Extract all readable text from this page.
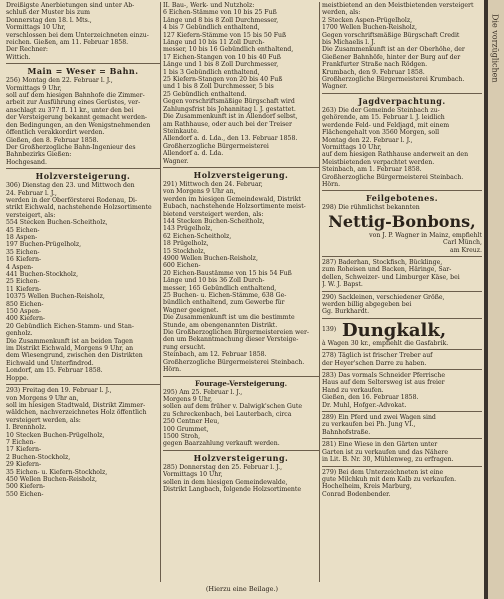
Dreißigste Anerbietungen sind unter Ab-
schluß der Muster bis zum
Donnerstag den 18. l. Mts.,
Vormittags 10 Uhr,
verschlossen bei dem Unterzeichneten einzu-
reichen. Gießen, am 11. Februar 1858.
Der Rechner:
Wittich.
Main = Weser = Bahn.
256) Montag den 22. Februar l. J.,
Vormittags 9 Uhr,
soll auf dem hiesigen Bahnhofe die Zimmer-
arbeit zur Ausführung eines Gerüstes, ver-
anschlagt zu 377 fl. 11 kr., unter den bei
der Versteigerung bekannt gemacht werden-
den Bedingungen, an den Wenigstnehmenden
öffentlich verakkordirt werden.
Gießen, den 8. Februar 1858.
Der Großherzogliche Bahn-Ingenieur des
Bahnbezirks Gießen:
Hochgesand.
Holzversteigerung.
306) Dienstag den 23. und Mittwoch den
24. Februar l. J.,
werden in der Oberförsterei Rodenau, Di-
strikt Eichwald, nachstehende Holzsortimente
versteigert, als:
554 Stecken Buchen-Scheitholz,
45 Eichen-
18 Aspen-
197 Buchen-Prügelholz,
35 Eichen-
16 Kiefern-
4 Aspen-
441 Buchen-Stockholz,
25 Eichen-
11 Kiefern-
10375 Wellen Buchen-Reisholz,
850 Eichen-
150 Aspen-
400 Kiefern-
20 Gebündlich Eichen-Stamm- und Stan-
genholz.
Die Zusammenkunft ist an beiden Tagen
im Distrikt Eichwald, Morgens 9 Uhr, an
dem Wiesengrund, zwischen den Distrikten
Eichwald und Unterfindrod.
Londorf, am 15. Februar 1858.
Hoppe.
293) Freitag den 19. Februar l. J.,
von Morgens 9 Uhr an,
soll im hiesigen Stadtwald, Distrikt Zimmer-
wäldchen, nachverzeichnetes Holz öffentlich
versteigert werden, als:
I. Brennholz.
10 Stecken Buchen-Prügelholz,
7 Eichen-
17 Kiefern-
2 Buchen-Stockholz,
29 Kiefern-
35 Eichen- u. Kiefern-Stockholz,
450 Wellen Buchen-Reisholz,
500 Kiefern-
550 Eichen-
II. Bau-, Werk- und Nutzholz:
6 Eichen-Stämme von 10 bis 25 Fuß
Länge und 8 bis 8 Zoll Durchmesser,
4 bis 7 Gebündlich enthaltend,
127 Kiefern-Stämme von 15 bis 50 Fuß
Länge und 10 bis 11 Zoll Durch-
messer, 10 bis 16 Gebündlich enthaltend,
17 Eichen-Stangen von 10 bis 40 Fuß
Länge und 1 bis 8 Zoll Durchmesser,
1 bis 3 Gebündlich enthaltend,
25 Kiefern-Stangen von 20 bis 40 Fuß
und 1 bis 8 Zoll Durchmesser, 5 bis
25 Gebündlich enthaltend.
Gegen vorschriftsmäßige Bürgschaft wird
Zahlungsfrist bis Johannitag l. J. gestattet.
Die Zusammenkunft ist in Allendorf selbst,
am Rathhause, oder auch bei der Treiser
Steinkaute.
Allendorf a. d. Lda., den 13. Februar 1858.
Großherzogliche Bürgermeisterei
Allendorf a. d. Lda.
Wagner.
Holzversteigerung.
291) Mittwoch den 24. Februar,
von Morgens 9 Uhr an,
werden im hiesigen Gemeindewald, Distrikt
Eubach, nachstehende Holzsortimente meist-
bietend versteigert werden, als:
144 Stecken Buchen-Scheitholz,
143 Prügelholz,
62 Eichen-Scheitholz,
18 Prügelholz,
15 Stockholz,
4900 Wellen Buchen-Reisholz,
600 Eichen-
20 Eichen-Baustämme von 15 bis 54 Fuß
Länge und 10 bis 36 Zoll Durch-
messer, 165 Gebündlich enthaltend,
25 Buchen- u. Eichen-Stämme, 638 Ge-
bündlich enthaltend, zum Gewerbe für
Wagner geeignet.
Die Zusammenkunft ist um die bestimmte
Stunde, am obengenannten Distrikt.
Die Großherzoglichen Bürgermeistereien wer-
den um Bekanntmachung dieser Versteige-
rung ersucht.
Steinbach, am 12. Februar 1858.
Großherzogliche Bürgermeisterei Steinbach.
Hörn.
Fourage-Versteigerung.
295) Am 25. Februar l. J.,
Morgens 9 Uhr,
sollen auf dem früher v. Dalwigk'schen Gute
zu Schreckenbach, bei Lauterbach, circa
250 Centner Heu,
100 Grummet,
1500 Stroh,
gegen Baarzahlung verkauft werden.
Holzversteigerung.
285) Donnerstag den 25. Februar l. J.,
Vormittags 10 Uhr,
sollen in dem hiesigen Gemeindewalde,
Distrikt Langbach, folgende Holzsortimente
meistbietend an den Meistbietenden versteigert
werden, als:
2 Stecken Aspen-Prügelholz,
1700 Wellen Buchen-Reisholz,
Gegen vorschriftsmäßige Bürgschaft Credit
bis Michaelis l. J.
Die Zusammenkunft ist an der Oberhöhe, der
Gießener Bahnhöfe, hinter der Burg auf der
Frankfurter Straße nach Rödgen.
Krumbach, den 9. Februar 1858.
Großherzogliche Bürgermeisterei Krumbach.
Wagner.
Jagdverpachtung.
263) Die der Gemeinde Steinbach zu-
gehörende, am 15. Februar l. J. leidlich
werdende Feld- und Feldjagd, mit einem
Flächengehalt von 3560 Morgen, soll
Montag den 22. Februar l. J.,
Vormittags 10 Uhr,
auf dem hiesigen Rathhause anderweit an den
Meistbietenden verpachtet werden.
Steinbach, am 1. Februar 1858.
Großherzogliche Bürgermeisterei Steinbach.
Hörn.
Feilgebotenes.
298) Die rühmlichst bekannten
Nettig-Bonbons,
von J. P. Wagner in Mainz, empfiehlt
Carl Münch,
am Kreuz.
287) Baderhan, Stockfisch, Bücklinge,
zum Roheisen und Backen, Häringe, Sar-
dellen, Schweizer- und Limburger Käse, bei
J. W. J. Bapst.
290) Sackleinen, verschiedener Größe,
werden billig abgegeben bei
Gg. Burkhardt.
139) Dungkalk,
à Wagen 30 kr., empfiehlt die Gasfabrik.
278) Täglich ist frischer Treber auf
der Heyer'schen Darre zu haben.
283) Das vormals Schneider Pferrische
Haus auf dem Seltersweg ist aus freier
Hand zu verkaufen.
Gießen, den 16. Februar 1858.
Dr. Muhl, Hofger.-Advokat.
289) Ein Pferd und zwei Wagen sind
zu verkaufen bei Ph. Jung VI.,
Bahnhofstraße.
281) Eine Wiese in den Gärten unter
Garten ist zu verkaufen und das Nähere
in Lit. B. Nr. 30, Mühlenweg, zu erfragen.
279) Bei dem Unterzeichneten ist eine
gute Milchkuh mit dem Kalb zu verkaufen.
Hochelheim, Kreis Marburg,
Conrad Bodenbender.
(Hierzu eine Beilage.)
Die vorzüglichen
